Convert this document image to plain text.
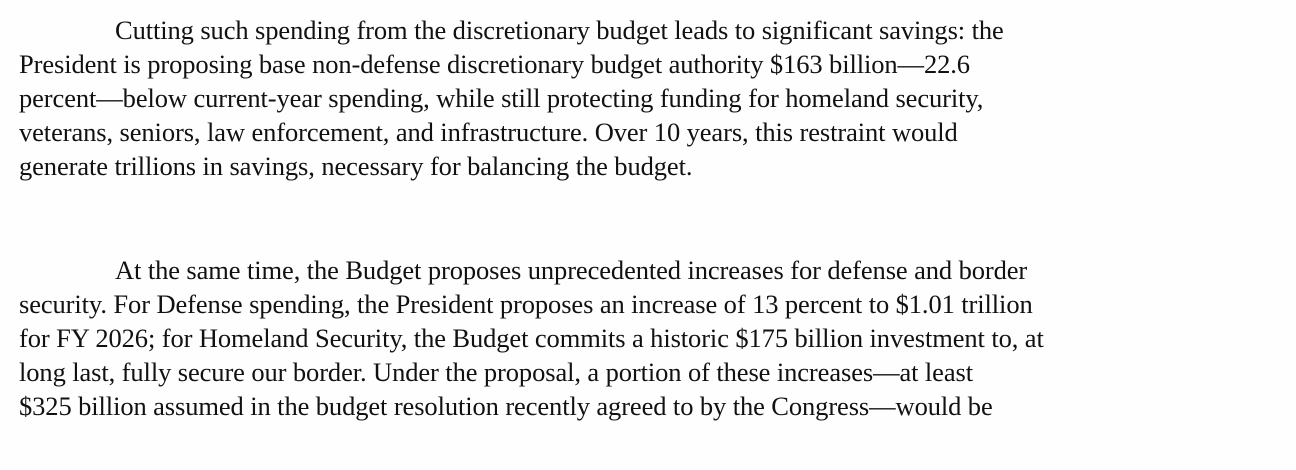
Cutting such spending from the discretionary budget leads to significant savings: the
President is proposing base non-defense discretionary budget authority $163 billion—22.6
percent—below current-year spending, while still protecting funding for homeland security,
veterans, seniors, law enforcement, and infrastructure. Over 10 years, this restraint would
generate trillions in savings, necessary for balancing the budget.

At the same time, the Budget proposes unprecedented increases for defense and border
security. For Defense spending, the President proposes an increase of 13 percent to $1.01 trillion
for FY 2026; for Homeland Security, the Budget commits a historic $175 billion investment to, at
long last, fully secure our border. Under the proposal, a portion of these increases—at least
$325 billion assumed in the budget resolution recently agreed to by the Congress—would be
